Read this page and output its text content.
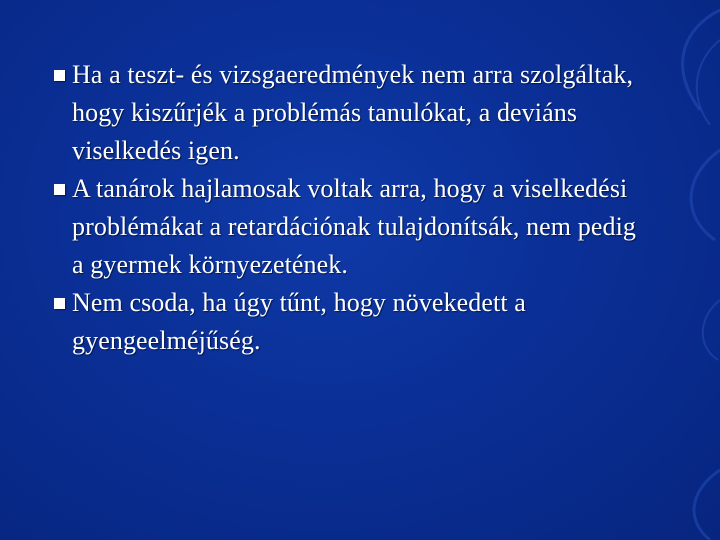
Ha a teszt- és vizsgaeredmények nem arra szolgáltak, hogy kiszűrjék a problémás tanulókat, a deviáns viselkedés igen.
A tanárok hajlamosak voltak arra, hogy a viselkedési problémákat a retardációnak tulajdonítsák, nem pedig a gyermek környezetének.
Nem csoda, ha úgy tűnt, hogy növekedett a gyengeelméjűség.
